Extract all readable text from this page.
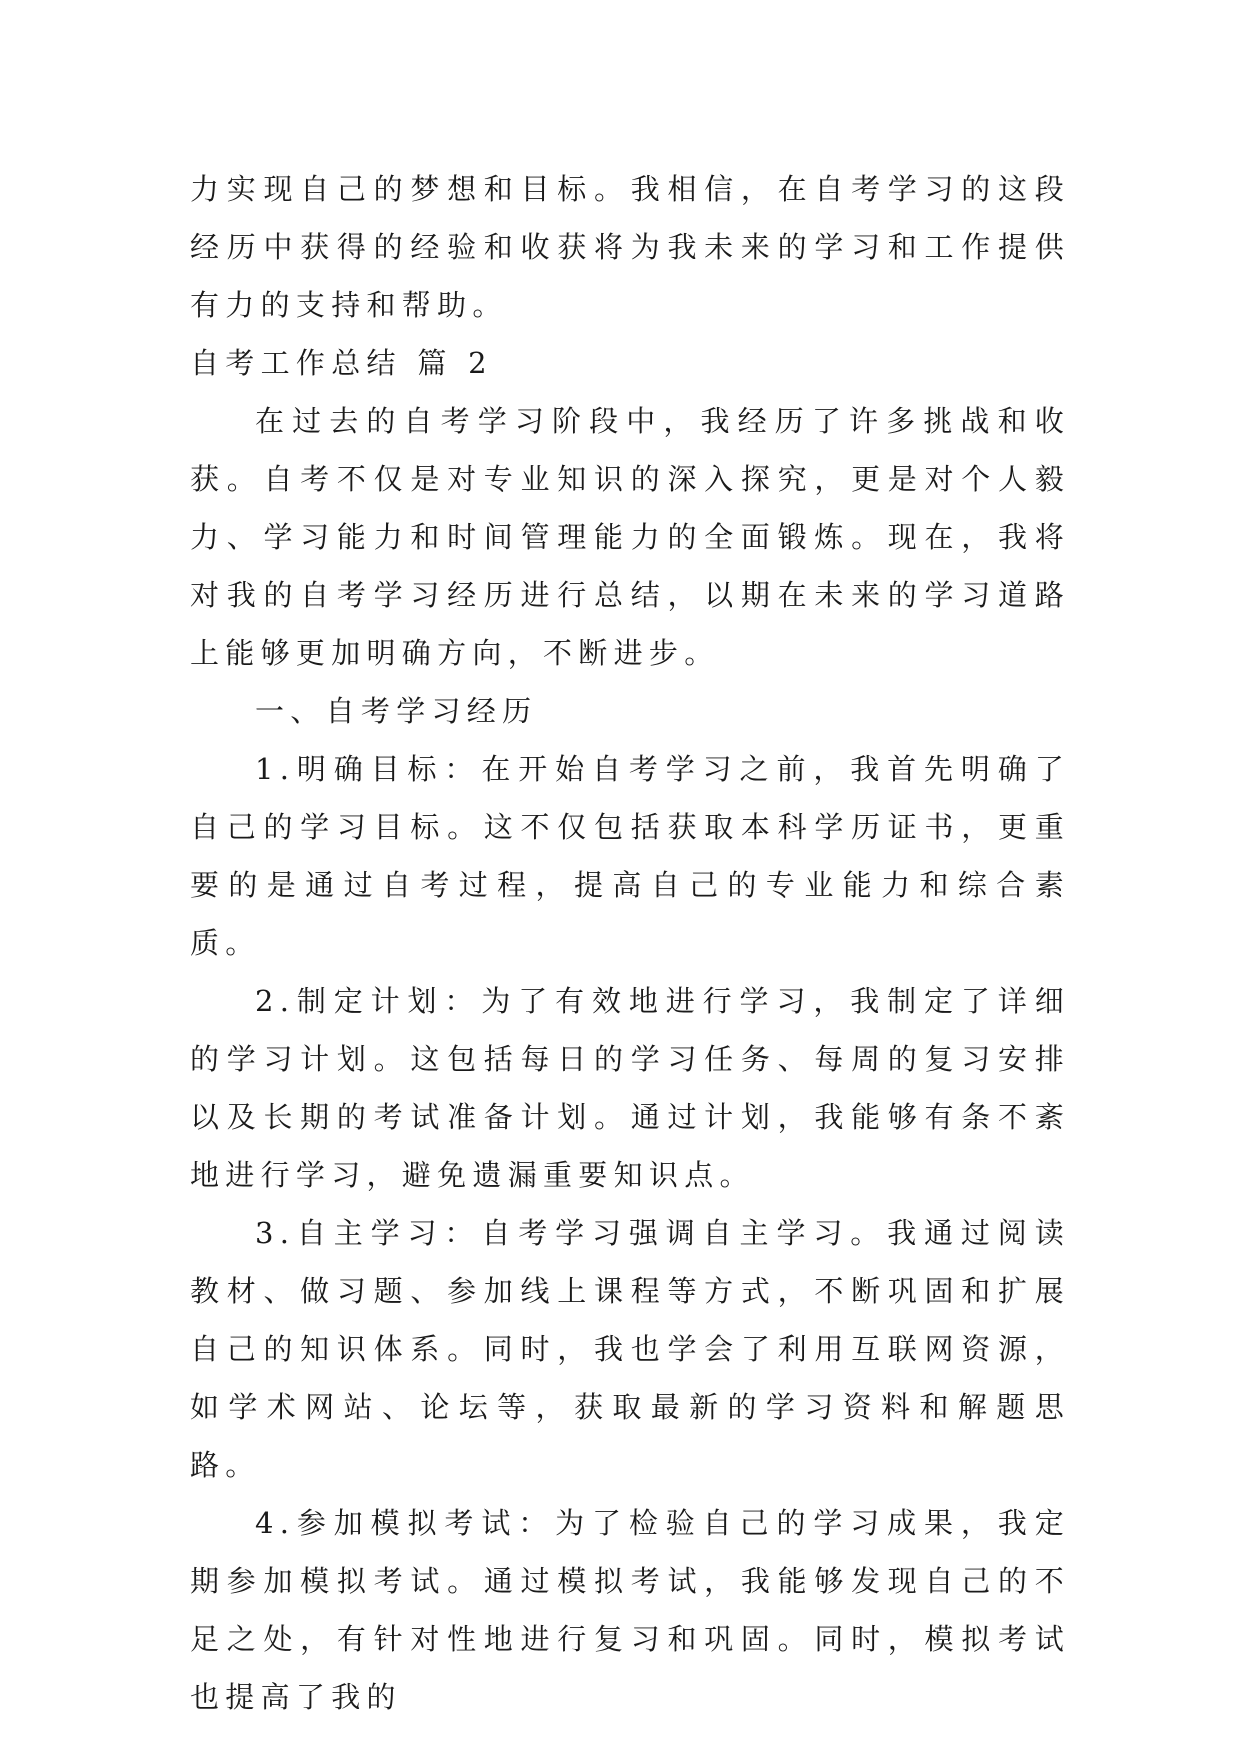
力实现自己的梦想和目标。我相信，在自考学习的这段经历中获得的经验和收获将为我未来的学习和工作提供有力的支持和帮助。

自考工作总结 篇 2

在过去的自考学习阶段中，我经历了许多挑战和收获。自考不仅是对专业知识的深入探究，更是对个人毅力、学习能力和时间管理能力的全面锻炼。现在，我将对我的自考学习经历进行总结，以期在未来的学习道路上能够更加明确方向，不断进步。

一、自考学习经历

1.明确目标：在开始自考学习之前，我首先明确了自己的学习目标。这不仅包括获取本科学历证书，更重要的是通过自考过程，提高自己的专业能力和综合素质。

2.制定计划：为了有效地进行学习，我制定了详细的学习计划。这包括每日的学习任务、每周的复习安排以及长期的考试准备计划。通过计划，我能够有条不紊地进行学习，避免遗漏重要知识点。

3.自主学习：自考学习强调自主学习。我通过阅读教材、做习题、参加线上课程等方式，不断巩固和扩展自己的知识体系。同时，我也学会了利用互联网资源，如学术网站、论坛等，获取最新的学习资料和解题思路。

4.参加模拟考试：为了检验自己的学习成果，我定期参加模拟考试。通过模拟考试，我能够发现自己的不足之处，有针对性地进行复习和巩固。同时，模拟考试也提高了我的
